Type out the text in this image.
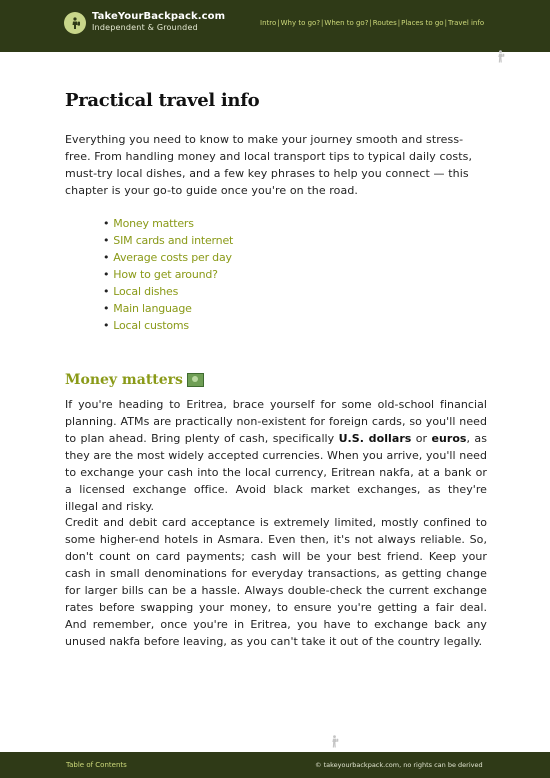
TakeYourBackpack.com
Independent & Grounded	Intro|Why to go?|When to go?|Routes|Places to go|Travel info
Practical travel info

Everything you need to know to make your journey smooth and stress-free. From handling money and local transport tips to typical daily costs, must-try local dishes, and a few key phrases to help you connect — this chapter is your go-to guide once you're on the road.

• Money matters
• SIM cards and internet
• Average costs per day
• How to get around?
• Local dishes
• Main language
• Local customs
Money matters

If you're heading to Eritrea, brace yourself for some old-school financial planning. ATMs are practically non-existent for foreign cards, so you'll need to plan ahead. Bring plenty of cash, specifically U.S. dollars or euros, as they are the most widely accepted currencies. When you arrive, you'll need to exchange your cash into the local currency, Eritrean nakfa, at a bank or a licensed exchange office. Avoid black market exchanges, as they're illegal and risky.

Credit and debit card acceptance is extremely limited, mostly confined to some higher-end hotels in Asmara. Even then, it's not always reliable. So, don't count on card payments; cash will be your best friend. Keep your cash in small denominations for everyday transactions, as getting change for larger bills can be a hassle. Always double-check the current exchange rates before swapping your money, to ensure you're getting a fair deal. And remember, once you're in Eritrea, you have to exchange back any unused nakfa before leaving, as you can't take it out of the country legally.

Table of Contents	© takeyourbackpack.com, no rights can be derived
